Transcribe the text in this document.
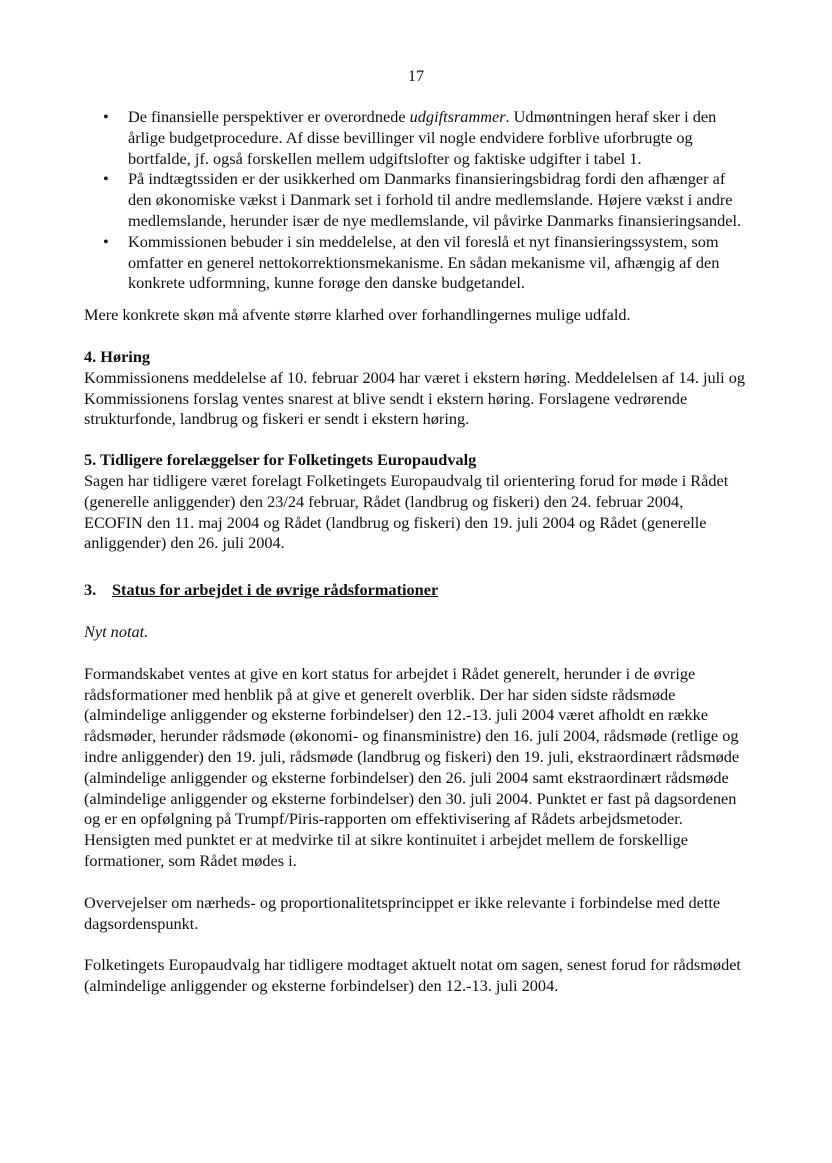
17
• De finansielle perspektiver er overordnede udgiftsrammer. Udmøntningen heraf sker i den årlige budgetprocedure. Af disse bevillinger vil nogle endvidere forblive uforbrugte og bortfalde, jf. også forskellen mellem udgiftslofter og faktiske udgifter i tabel 1.
• På indtægtssiden er der usikkerhed om Danmarks finansieringsbidrag fordi den afhænger af den økonomiske vækst i Danmark set i forhold til andre medlemslande. Højere vækst i andre medlemslande, herunder især de nye medlemslande, vil påvirke Danmarks finansieringsandel.
• Kommissionen bebuder i sin meddelelse, at den vil foreslå et nyt finansieringssystem, som omfatter en generel nettokorrektionsmekanisme. En sådan mekanisme vil, afhængig af den konkrete udformning, kunne forøge den danske budgetandel.

Mere konkrete skøn må afvente større klarhed over forhandlingernes mulige udfald.

4. Høring

Kommissionens meddelelse af 10. februar 2004 har været i ekstern høring. Meddelelsen af 14. juli og Kommissionens forslag ventes snarest at blive sendt i ekstern høring. Forslagene vedrørende strukturfonde, landbrug og fiskeri er sendt i ekstern høring.

5. Tidligere forelæggelser for Folketingets Europaudvalg

Sagen har tidligere været forelagt Folketingets Europaudvalg til orientering forud for møde i Rådet (generelle anliggender) den 23/24 februar, Rådet (landbrug og fiskeri) den 24. februar 2004, ECOFIN den 11. maj 2004 og Rådet (landbrug og fiskeri) den 19. juli 2004 og Rådet (generelle anliggender) den 26. juli 2004.

3. Status for arbejdet i de øvrige rådsformationer

Nyt notat.

Formandskabet ventes at give en kort status for arbejdet i Rådet generelt, herunder i de øvrige rådsformationer med henblik på at give et generelt overblik. Der har siden sidste rådsmøde (almindelige anliggender og eksterne forbindelser) den 12.-13. juli 2004 været afholdt en række rådsmøder, herunder rådsmøde (økonomi- og finansministre) den 16. juli 2004, rådsmøde (retlige og indre anliggender) den 19. juli, rådsmøde (landbrug og fiskeri) den 19. juli, ekstraordinært rådsmøde (almindelige anliggender og eksterne forbindelser) den 26. juli 2004 samt ekstraordinært rådsmøde (almindelige anliggender og eksterne forbindelser) den 30. juli 2004. Punktet er fast på dagsordenen og er en opfølgning på Trumpf/Piris-rapporten om effektivisering af Rådets arbejdsmetoder. Hensigten med punktet er at medvirke til at sikre kontinuitet i arbejdet mellem de forskellige formationer, som Rådet mødes i.

Overvejelser om nærheds- og proportionalitetsprincippet er ikke relevante i forbindelse med dette dagsordenspunkt.

Folketingets Europaudvalg har tidligere modtaget aktuelt notat om sagen, senest forud for rådsmødet (almindelige anliggender og eksterne forbindelser) den 12.-13. juli 2004.
